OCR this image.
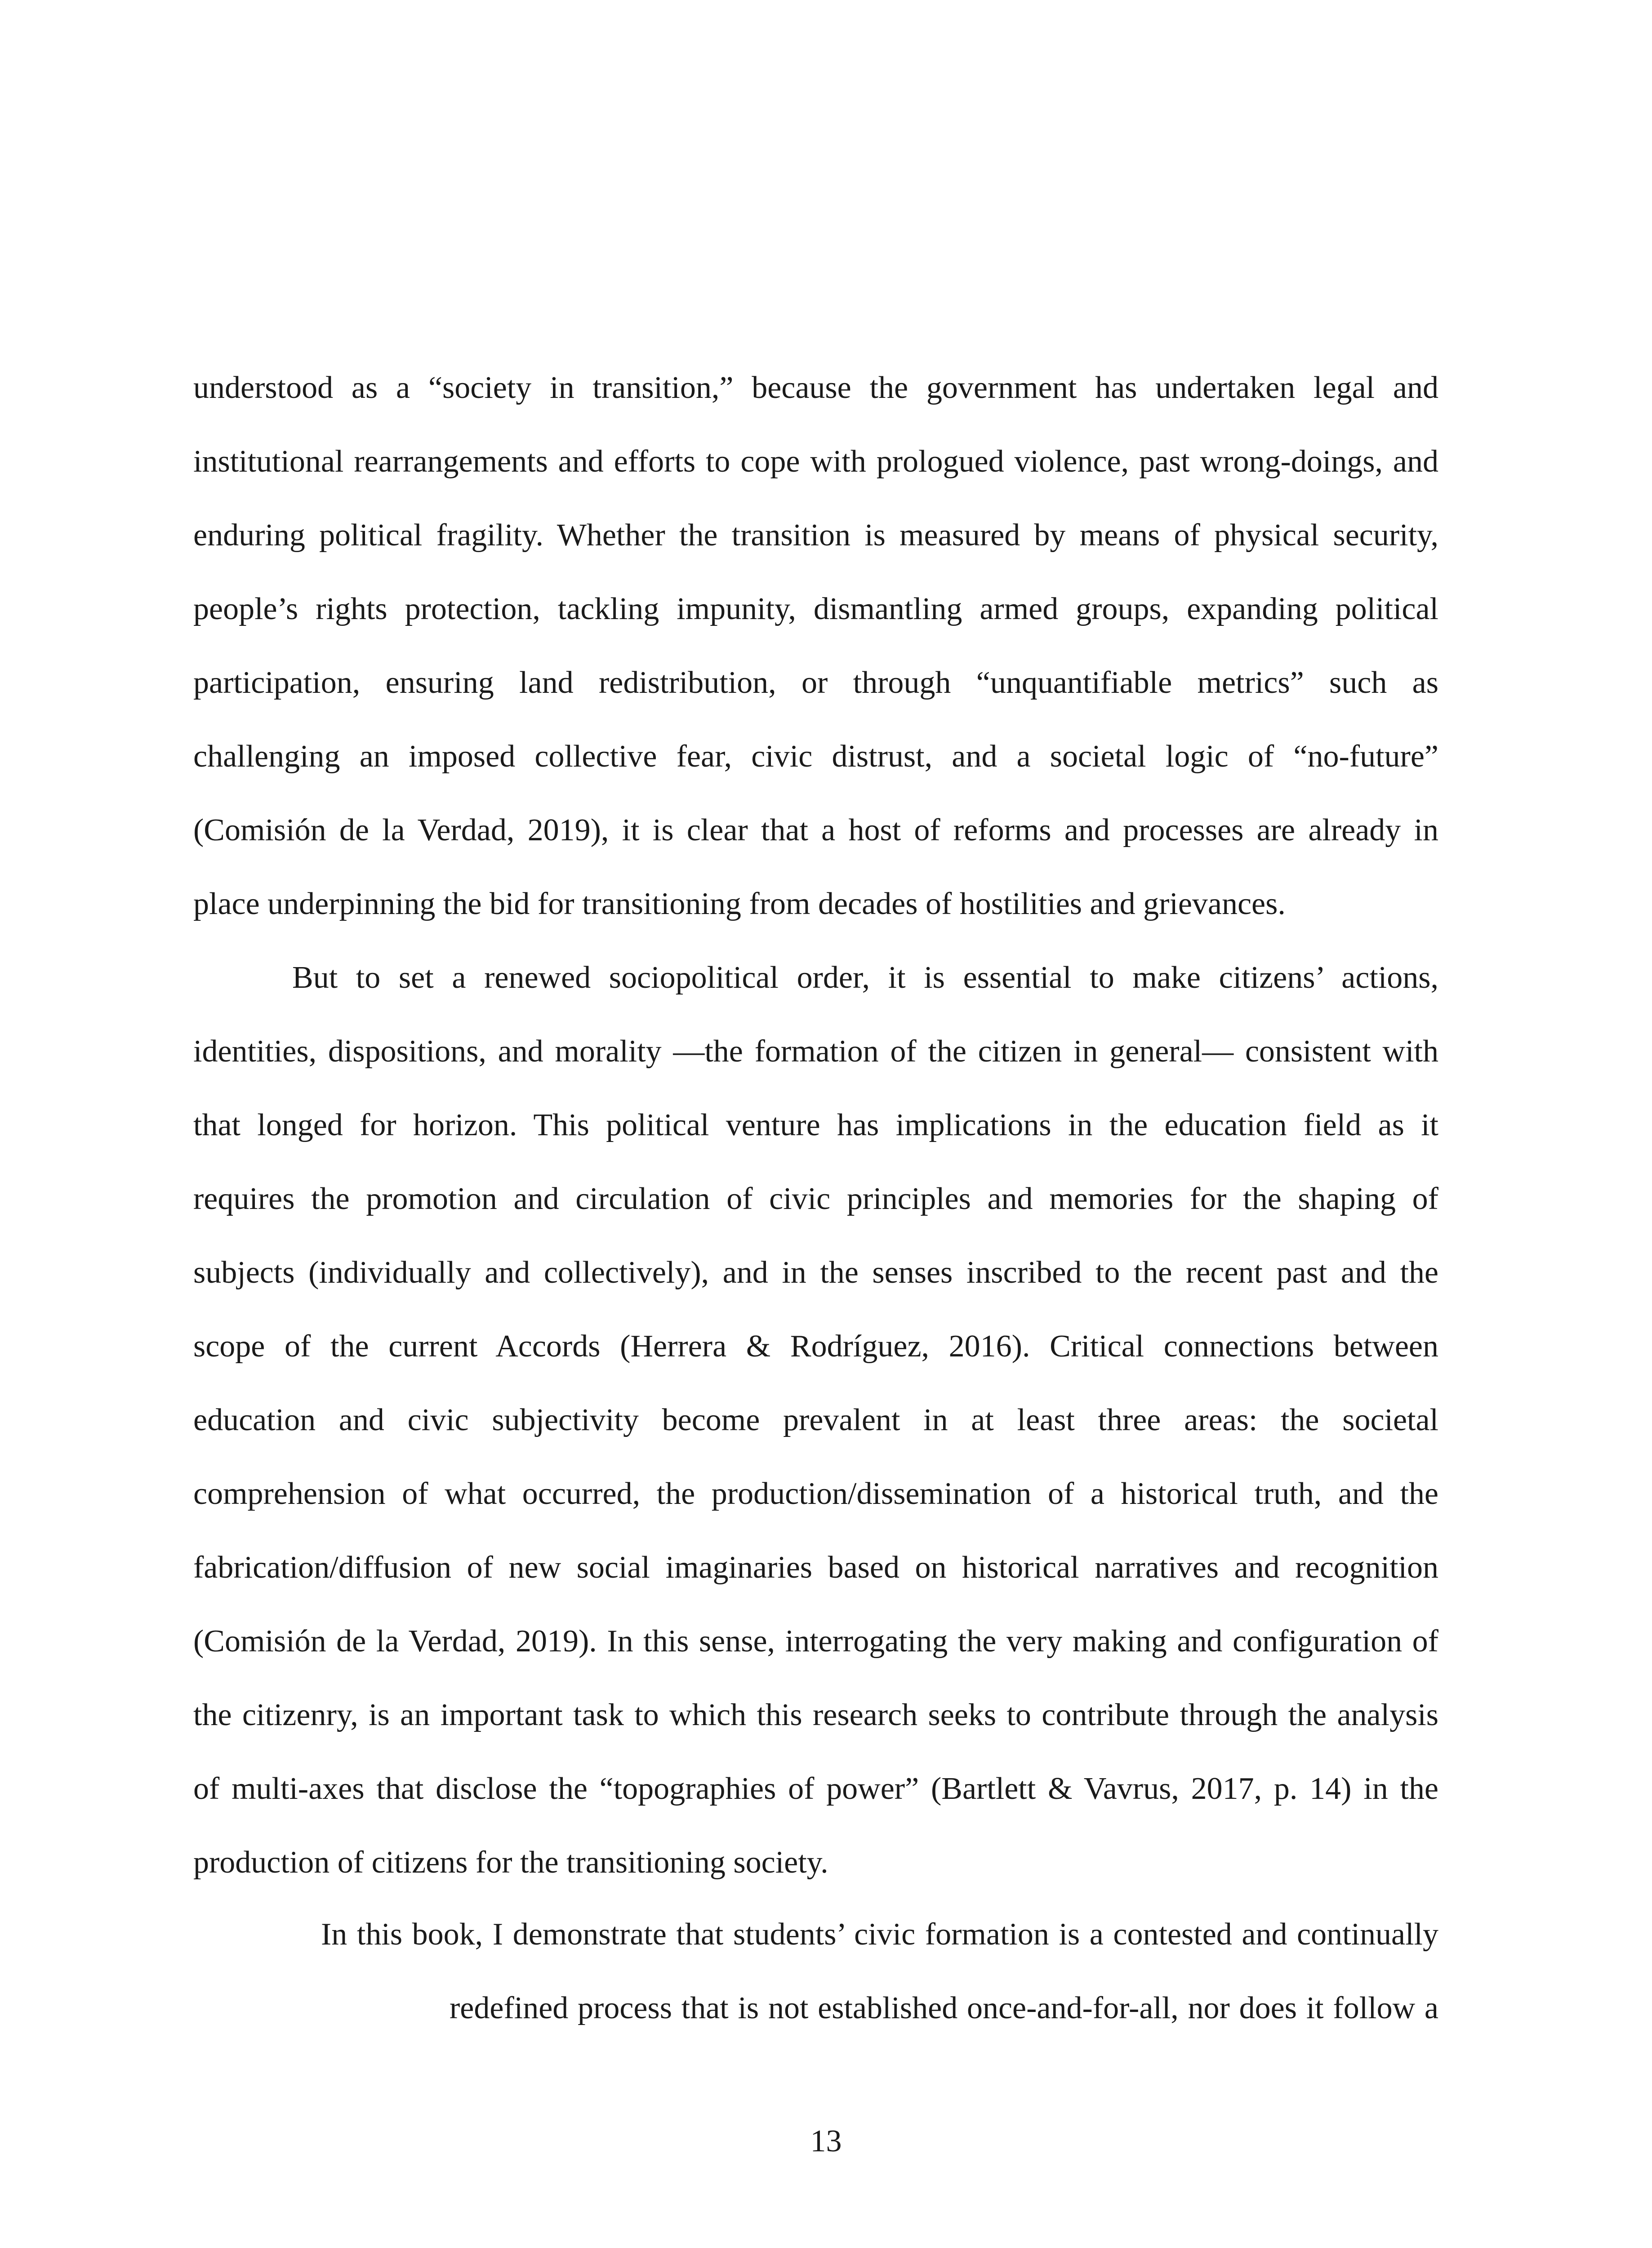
understood as a “society in transition,” because the government has undertaken legal and
institutional rearrangements and efforts to cope with prologued violence, past wrong-doings, and
enduring political fragility. Whether the transition is measured by means of physical security,
people’s rights protection, tackling impunity, dismantling armed groups, expanding political
participation, ensuring land redistribution, or through “unquantifiable metrics” such as
challenging an imposed collective fear, civic distrust, and a societal logic of “no-future”
(Comisión de la Verdad, 2019), it is clear that a host of reforms and processes are already in
place underpinning the bid for transitioning from decades of hostilities and grievances.
But to set a renewed sociopolitical order, it is essential to make citizens’ actions,
identities, dispositions, and morality —the formation of the citizen in general— consistent with
that longed for horizon. This political venture has implications in the education field as it
requires the promotion and circulation of civic principles and memories for the shaping of
subjects (individually and collectively), and in the senses inscribed to the recent past and the
scope of the current Accords (Herrera & Rodríguez, 2016). Critical connections between
education and civic subjectivity become prevalent in at least three areas: the societal
comprehension of what occurred, the production/dissemination of a historical truth, and the
fabrication/diffusion of new social imaginaries based on historical narratives and recognition
(Comisión de la Verdad, 2019). In this sense, interrogating the very making and configuration of
the citizenry, is an important task to which this research seeks to contribute through the analysis
of multi-axes that disclose the “topographies of power” (Bartlett & Vavrus, 2017, p. 14) in the
production of citizens for the transitioning society.
In this book, I demonstrate that students’ civic formation is a contested and continually
redefined process that is not established once-and-for-all, nor does it follow a
13
